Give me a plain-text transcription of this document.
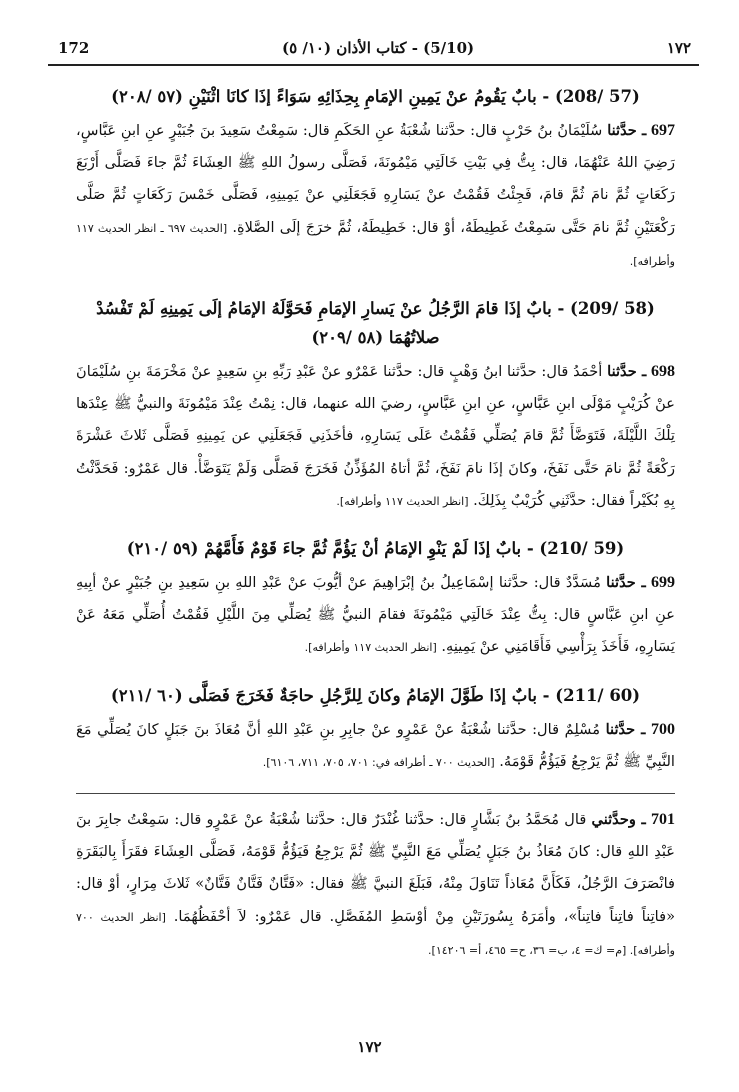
172	(5/10) - كتاب الأذان (١٠/ ٥)	١٧٢
(57 /208) - بابٌ يَقُومُ عنْ يَمِينِ الإمَامِ بِحِذَائِهِ سَوَاءً إذَا كانَا اثْنَيْنِ (٥٧ /٢٠٨)

697 ـ حدَّثنا سُلَيْمَانُ بنُ حَرْبٍ قال: حدَّثنا شُعْبَةُ عنِ الحَكَمِ قال: سَمِعْتُ سَعِيدَ بنَ جُبَيْرٍ عنِ ابنِ عَبَّاسٍ، رَضِيَ اللهُ عَنْهُمَا، قال: بِتُّ فِي بَيْتِ خَالَتِي مَيْمُونَةَ، فَصَلَّى رسولُ اللهِ ﷺ العِشَاءَ ثُمَّ جاءَ فَصَلَّى أَرْبَعَ رَكَعَاتٍ ثُمَّ نامَ ثُمَّ قامَ، فَجِئْتُ فَقُمْتُ عنْ يَسَارِهِ فَجَعَلَنِي عنْ يَمِينِهِ، فَصَلَّى خَمْسَ رَكَعَاتٍ ثُمَّ صَلَّى رَكْعَتَيْنِ ثُمَّ نامَ حَتَّى سَمِعْتُ غَطِيطَهُ، أوْ قال: خَطِيطَهُ، ثُمَّ خرَجَ إلَى الصَّلاةِ. [الحديث ٦٩٧ ـ انظر الحديث ١١٧ وأطرافه].

(58 /209) - بابٌ إذَا قامَ الرَّجُلُ عنْ يَسارِ الإمَامِ فَحَوَّلَهُ الإمَامُ إلَى يَمِينِهِ لَمْ تَفْسُدْ صلاتُهُمَا (٥٨ /٢٠٩)

698 ـ حدَّثنا أحْمَدُ قال: حدَّثنا ابنُ وَهْبٍ قال: حدَّثنا عَمْرٌو عنْ عَبْدِ رَبِّهِ بنِ سَعِيدٍ عنْ مَخْرَمَةَ بنِ سُلَيْمَانَ عنْ كُرَيْبٍ مَوْلَى ابنِ عَبَّاسٍ، عنِ ابنِ عَبَّاسٍ، رضيَ الله عنهما، قال: نِمْتُ عِنْدَ مَيْمُونَةَ والنبيُّ ﷺ عِنْدَها تِلْكَ اللَّيْلَةَ، فَتَوَضَّأَ ثُمَّ قامَ يُصَلِّي فَقُمْتُ عَلَى يَسَارِهِ، فأخَذَنِي فَجَعَلَنِي عن يَمِينِهِ فَصَلَّى ثَلاثَ عَشْرَةَ رَكْعَةً ثُمَّ نامَ حَتَّى نَفَخَ، وكانَ إذَا نامَ نَفَخَ، ثُمَّ أتاهُ المُؤَذِّنُ فَخَرَجَ فَصَلَّى وَلَمْ يَتَوَضَّأْ. قال عَمْرٌو: فَحَدَّثْتُ بِهِ بُكَيْراً فقال: حدَّثَنِي كُرَيْبٌ بِذَلِكَ. [انظر الحديث ١١٧ وأطرافه].

(59 /210) - بابٌ إذَا لَمْ يَنْوِ الإمَامُ أنْ يَؤُمَّ ثُمَّ جاءَ قَوْمٌ فَأَمَّهُمْ (٥٩ /٢١٠)

699 ـ حدَّثنا مُسَدَّدٌ قال: حدَّثنا إسْمَاعِيلُ بنُ إبْرَاهِيمَ عنْ أيُّوبَ عنْ عَبْدِ اللهِ بنِ سَعِيدِ بنِ جُبَيْرٍ عنْ أبِيهِ عنِ ابنِ عَبَّاسٍ قال: بِتُّ عِنْدَ خَالَتِي مَيْمُونَةَ فقامَ النبيُّ ﷺ يُصَلِّي مِنَ اللَّيْلِ فَقُمْتُ أُصَلِّي مَعَهُ عَنْ يَسَارِهِ، فَأَخَذَ بِرَأْسِي فَأَقَامَنِي عنْ يَمِينِهِ. [انظر الحديث ١١٧ وأطرافه].

(60 /211) - بابٌ إذَا طَوَّلَ الإمَامُ وكانَ لِلرَّجُلِ حاجَةٌ فَخَرَجَ فَصَلَّى (٦٠ /٢١١)

700 ـ حدَّثنا مُسْلِمٌ قال: حدَّثنا شُعْبَةُ عنْ عَمْرٍو عنْ جابِرِ بنِ عَبْدِ اللهِ أنَّ مُعَاذَ بنَ جَبَلٍ كانَ يُصَلِّي مَعَ النَّبِيِّ ﷺ ثُمَّ يَرْجِعُ فَيَؤُمُّ قَوْمَهُ. [الحديث ٧٠٠ ـ أطرافه في: ٧٠١، ٧٠٥، ٧١١، ٦١٠٦].

701 ـ وحدَّثني قال مُحَمَّدُ بنُ بَشَّارٍ قال: حدَّثنا غُنْدَرٌ قال: حدَّثنا شُعْبَةُ عنْ عَمْرٍو قال: سَمِعْتُ جابِرَ بنَ عَبْدِ اللهِ قال: كانَ مُعَاذُ بنُ جَبَلٍ يُصَلِّي مَعَ النَّبِيِّ ﷺ ثُمَّ يَرْجِعُ فَيَؤُمُّ قَوْمَهُ، فَصَلَّى العِشَاءَ فقَرَأَ بِالبَقَرَةِ فانْصَرَفَ الرَّجُلُ، فَكَأَنَّ مُعَاذاً تَنَاوَلَ مِنْهُ، فَبَلَغَ النبيَّ ﷺ فقال: «فَتَّانٌ فَتَّانٌ فَتَّانٌ» ثَلاثَ مِرَارٍ، أوْ قال: «فاتِناً فاتِناً فاتِناً»، وأمَرَهُ بِسُورَتَيْنِ مِنْ أوْسَطِ المُفَصَّلِ. قال عَمْرٌو: لاَ أحْفَظُهُمَا. [انظر الحديث ٧٠٠ وأطرافه]. [م= ك= ٤، ب= ٣٦، ح= ٤٦٥، أ= ١٤٢٠٦].

١٧٢
